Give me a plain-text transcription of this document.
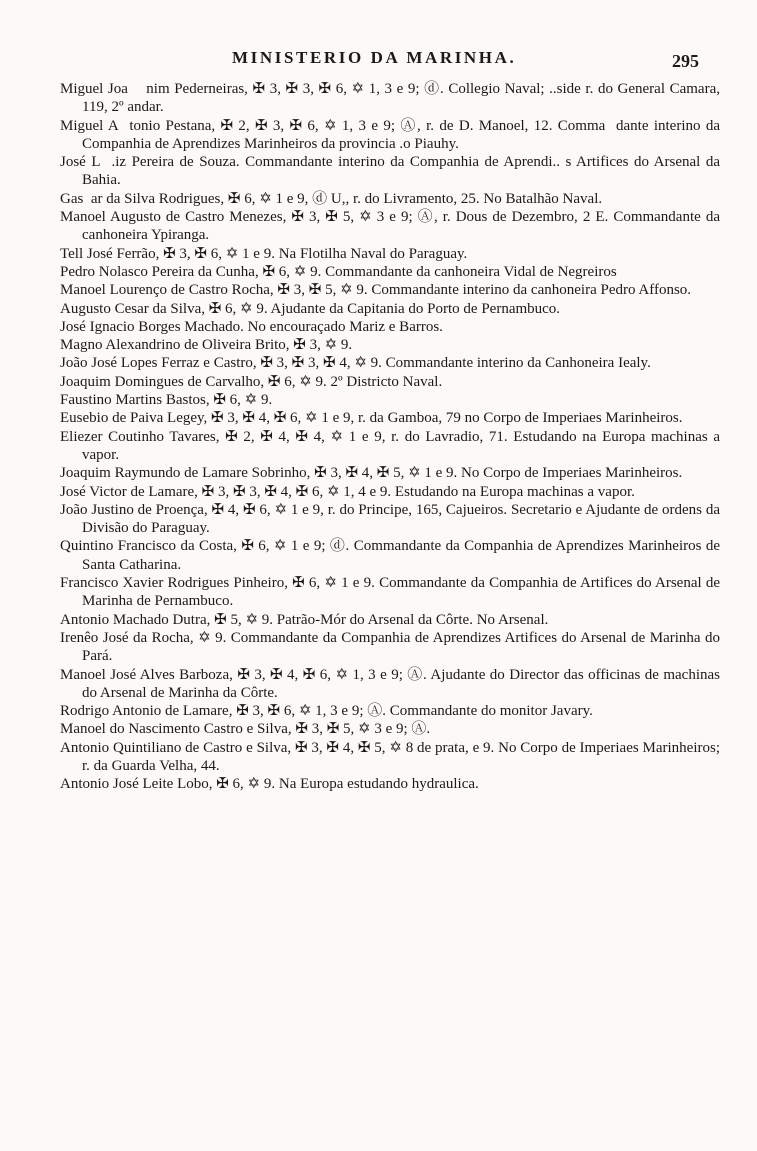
MINISTERIO DA MARINHA.	295

Miguel Joa    nim Pederneiras, ✠ 3, ✠ 3, ✠ 6, ✡ 1, 3 e 9; ⓓ. Collegio Naval; ..side r. do General Camara, 119, 2º andar.

Miguel A  tonio Pestana, ✠ 2, ✠ 3, ✠ 6, ✡ 1, 3 e 9; Ⓐ, r. de D. Manoel, 12. Comma  dante interino da Companhia de Aprendizes Marinheiros da provincia .o Piauhy.

José L  .iz Pereira de Souza. Commandante interino da Companhia de Aprendi.. s Artifices do Arsenal da Bahia.

Gas  ar da Silva Rodrigues, ✠ 6, ✡ 1 e 9, ⓓ U,, r. do Livramento, 25. No Batalhão Naval.

Manoel Augusto de Castro Menezes, ✠ 3, ✠ 5, ✡ 3 e 9; Ⓐ, r. Dous de Dezembro, 2 E. Commandante da canhoneira Ypiranga.

Tell José Ferrão, ✠ 3, ✠ 6, ✡ 1 e 9. Na Flotilha Naval do Paraguay.

Pedro Nolasco Pereira da Cunha, ✠ 6, ✡ 9. Commandante da canhoneira Vidal de Negreiros

Manoel Lourenço de Castro Rocha, ✠ 3, ✠ 5, ✡ 9. Commandante interino da canhoneira Pedro Affonso.

Augusto Cesar da Silva, ✠ 6, ✡ 9. Ajudante da Capitania do Porto de Pernambuco.

José Ignacio Borges Machado. No encouraçado Mariz e Barros.

Magno Alexandrino de Oliveira Brito, ✠ 3, ✡ 9.

João José Lopes Ferraz e Castro, ✠ 3, ✠ 3, ✠ 4, ✡ 9. Commandante interino da Canhoneira Iealy.

Joaquim Domingues de Carvalho, ✠ 6, ✡ 9. 2º Districto Naval.

Faustino Martins Bastos, ✠ 6, ✡ 9.

Eusebio de Paiva Legey, ✠ 3, ✠ 4, ✠ 6, ✡ 1 e 9, r. da Gamboa, 79 no Corpo de Imperiaes Marinheiros.

Eliezer Coutinho Tavares, ✠ 2, ✠ 4, ✠ 4, ✡ 1 e 9, r. do Lavradio, 71. Estudando na Europa machinas a vapor.

Joaquim Raymundo de Lamare Sobrinho, ✠ 3, ✠ 4, ✠ 5, ✡ 1 e 9. No Corpo de Imperiaes Marinheiros.

José Victor de Lamare, ✠ 3, ✠ 3, ✠ 4, ✠ 6, ✡ 1, 4 e 9. Estudando na Europa machinas a vapor.

João Justino de Proença, ✠ 4, ✠ 6, ✡ 1 e 9, r. do Principe, 165, Cajueiros. Secretario e Ajudante de ordens da Divisão do Paraguay.

Quintino Francisco da Costa, ✠ 6, ✡ 1 e 9; ⓓ. Commandante da Companhia de Aprendizes Marinheiros de Santa Catharina.

Francisco Xavier Rodrigues Pinheiro, ✠ 6, ✡ 1 e 9. Commandante da Companhia de Artifices do Arsenal de Marinha de Pernambuco.

Antonio Machado Dutra, ✠ 5, ✡ 9. Patrão-Mór do Arsenal da Côrte. No Arsenal.

Irenêo José da Rocha, ✡ 9. Commandante da Companhia de Aprendizes Artifices do Arsenal de Marinha do Pará.

Manoel José Alves Barboza, ✠ 3, ✠ 4, ✠ 6, ✡ 1, 3 e 9; Ⓐ. Ajudante do Director das officinas de machinas do Arsenal de Marinha da Côrte.

Rodrigo Antonio de Lamare, ✠ 3, ✠ 6, ✡ 1, 3 e 9; Ⓐ. Commandante do monitor Javary.

Manoel do Nascimento Castro e Silva, ✠ 3, ✠ 5, ✡ 3 e 9; Ⓐ.

Antonio Quintiliano de Castro e Silva, ✠ 3, ✠ 4, ✠ 5, ✡ 8 de prata, e 9. No Corpo de Imperiaes Marinheiros; r. da Guarda Velha, 44.

Antonio José Leite Lobo, ✠ 6, ✡ 9. Na Europa estudando hydraulica.
